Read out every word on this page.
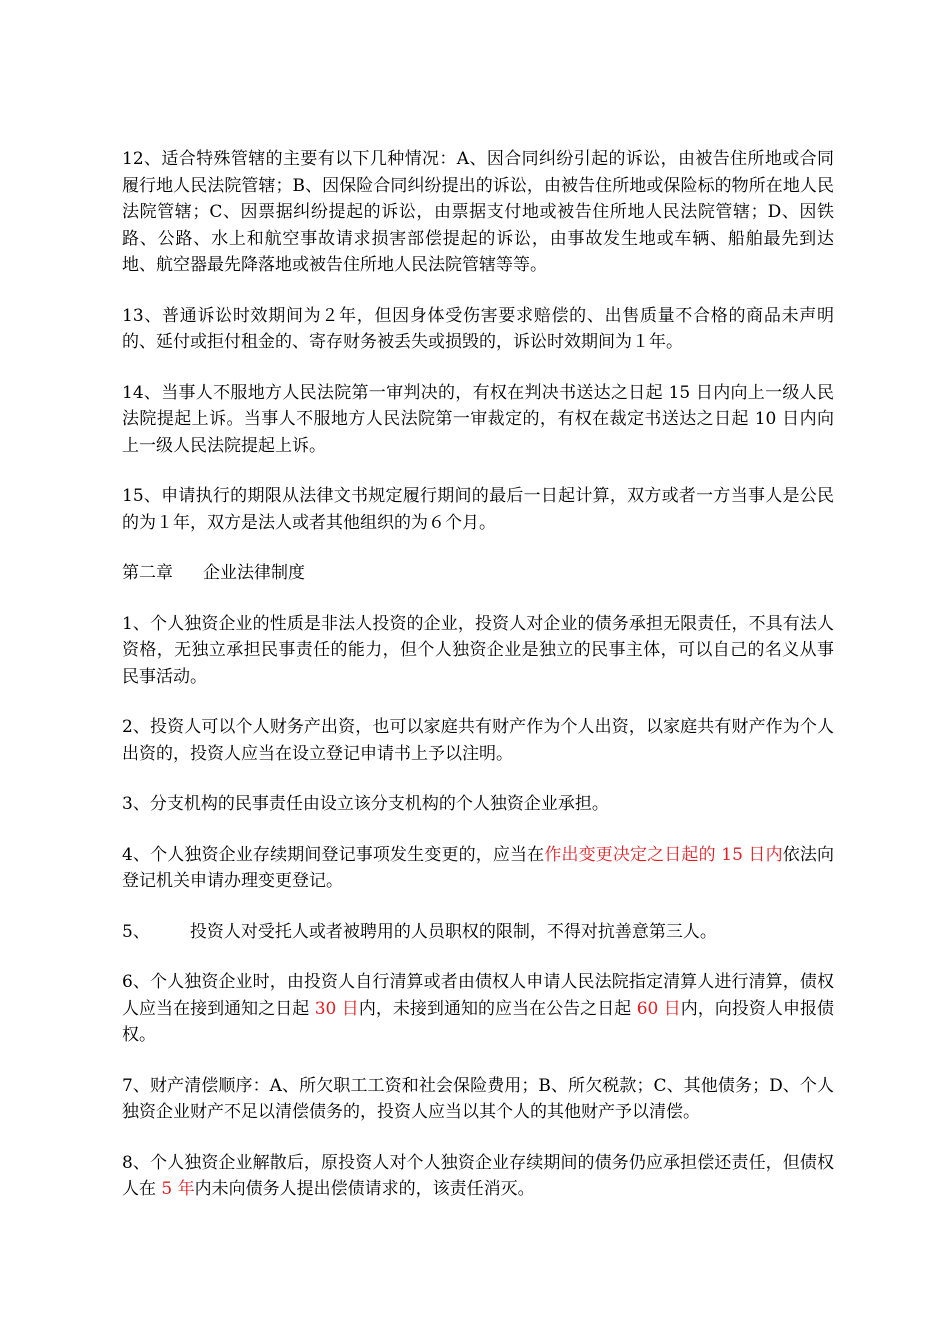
12、适合特殊管辖的主要有以下几种情况：A、因合同纠纷引起的诉讼，由被告住所地或合同履行地人民法院管辖；B、因保险合同纠纷提出的诉讼，由被告住所地或保险标的物所在地人民法院管辖；C、因票据纠纷提起的诉讼，由票据支付地或被告住所地人民法院管辖；D、因铁路、公路、水上和航空事故请求损害部偿提起的诉讼，由事故发生地或车辆、船舶最先到达地、航空器最先降落地或被告住所地人民法院管辖等等。

13、普通诉讼时效期间为２年，但因身体受伤害要求赔偿的、出售质量不合格的商品未声明的、延付或拒付租金的、寄存财务被丢失或损毁的，诉讼时效期间为１年。

14、当事人不服地方人民法院第一审判决的，有权在判决书送达之日起 15 日内向上一级人民法院提起上诉。当事人不服地方人民法院第一审裁定的，有权在裁定书送达之日起 10 日内向上一级人民法院提起上诉。

15、申请执行的期限从法律文书规定履行期间的最后一日起计算，双方或者一方当事人是公民的为１年，双方是法人或者其他组织的为６个月。

第二章 企业法律制度

1、个人独资企业的性质是非法人投资的企业，投资人对企业的债务承担无限责任，不具有法人资格，无独立承担民事责任的能力，但个人独资企业是独立的民事主体，可以自己的名义从事民事活动。

2、投资人可以个人财务产出资，也可以家庭共有财产作为个人出资，以家庭共有财产作为个人出资的，投资人应当在设立登记申请书上予以注明。

3、分支机构的民事责任由设立该分支机构的个人独资企业承担。

4、个人独资企业存续期间登记事项发生变更的，应当在作出变更决定之日起的 15 日内依法向登记机关申请办理变更登记。

5、 投资人对受托人或者被聘用的人员职权的限制，不得对抗善意第三人。

6、个人独资企业时，由投资人自行清算或者由债权人申请人民法院指定清算人进行清算，债权人应当在接到通知之日起 30 日内，未接到通知的应当在公告之日起 60 日内，向投资人申报债权。

7、财产清偿顺序：A、所欠职工工资和社会保险费用；B、所欠税款；C、其他债务；D、个人独资企业财产不足以清偿债务的，投资人应当以其个人的其他财产予以清偿。

8、个人独资企业解散后，原投资人对个人独资企业存续期间的债务仍应承担偿还责任，但债权人在 5 年内未向债务人提出偿债请求的，该责任消灭。
